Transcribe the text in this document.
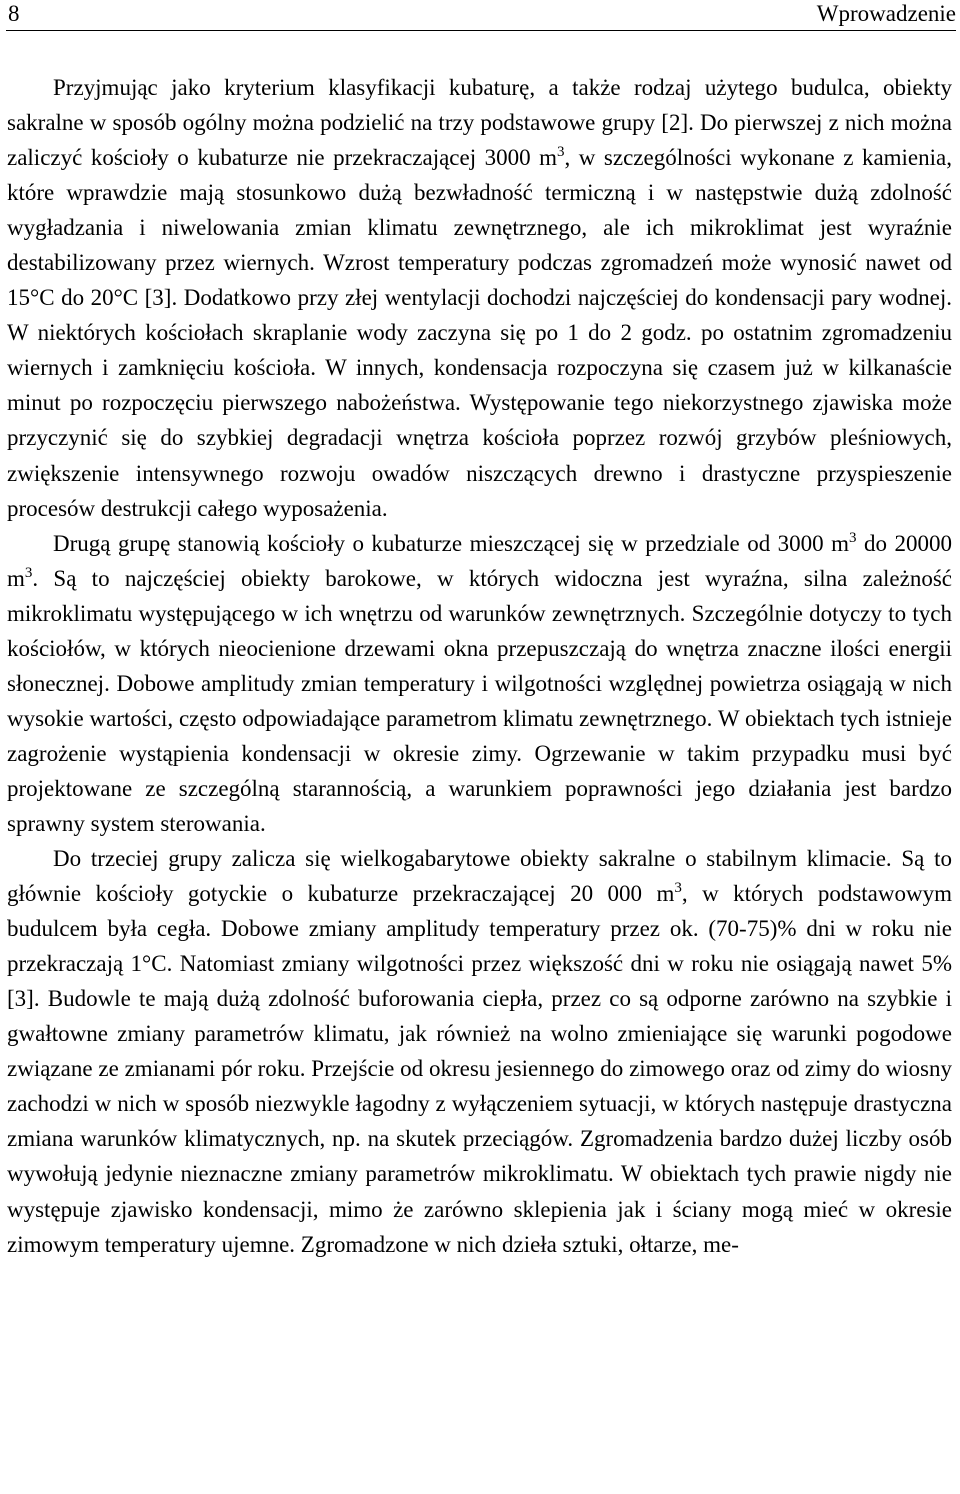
8	Wprowadzenie

Przyjmując jako kryterium klasyfikacji kubaturę, a także rodzaj użytego budulca, obiekty sakralne w sposób ogólny można podzielić na trzy podstawowe grupy [2]. Do pierwszej z nich można zaliczyć kościoły o kubaturze nie przekraczającej 3000 $m^3$, w szczególności wykonane z kamienia, które wprawdzie mają stosunkowo dużą bezwładność termiczną i w następstwie dużą zdolność wygładzania i niwelowania zmian klimatu zewnętrznego, ale ich mikroklimat jest wyraźnie destabilizowany przez wiernych. Wzrost temperatury podczas zgromadzeń może wynosić nawet od 15°C do 20°C [3]. Dodatkowo przy złej wentylacji dochodzi najczęściej do kondensacji pary wodnej. W niektórych kościołach skraplanie wody zaczyna się po 1 do 2 godz. po ostatnim zgromadzeniu wiernych i zamknięciu kościoła. W innych, kondensacja rozpoczyna się czasem już w kilkanaście minut po rozpoczęciu pierwszego nabożeństwa. Występowanie tego niekorzystnego zjawiska może przyczynić się do szybkiej degradacji wnętrza kościoła poprzez rozwój grzybów pleśniowych, zwiększenie intensywnego rozwoju owadów niszczących drewno i drastyczne przyspieszenie procesów destrukcji całego wyposażenia.

Drugą grupę stanowią kościoły o kubaturze mieszczącej się w przedziale od 3000 $m^3$ do 20000 $m^3$. Są to najczęściej obiekty barokowe, w których widoczna jest wyraźna, silna zależność mikroklimatu występującego w ich wnętrzu od warunków zewnętrznych. Szczególnie dotyczy to tych kościołów, w których nieocienione drzewami okna przepuszczają do wnętrza znaczne ilości energii słonecznej. Dobowe amplitudy zmian temperatury i wilgotności względnej powietrza osiągają w nich wysokie wartości, często odpowiadające parametrom klimatu zewnętrznego. W obiektach tych istnieje zagrożenie wystąpienia kondensacji w okresie zimy. Ogrzewanie w takim przypadku musi być projektowane ze szczególną starannością, a warunkiem poprawności jego działania jest bardzo sprawny system sterowania.

Do trzeciej grupy zalicza się wielkogabarytowe obiekty sakralne o stabilnym klimacie. Są to głównie kościoły gotyckie o kubaturze przekraczającej 20 000 $m^3$, w których podstawowym budulcem była cegła. Dobowe zmiany amplitudy temperatury przez ok. (70-75)% dni w roku nie przekraczają 1°C. Natomiast zmiany wilgotności przez większość dni w roku nie osiągają nawet 5% [3]. Budowle te mają dużą zdolność buforowania ciepła, przez co są odporne zarówno na szybkie i gwałtowne zmiany parametrów klimatu, jak również na wolno zmieniające się warunki pogodowe związane ze zmianami pór roku. Przejście od okresu jesiennego do zimowego oraz od zimy do wiosny zachodzi w nich w sposób niezwykle łagodny z wyłączeniem sytuacji, w których następuje drastyczna zmiana warunków klimatycznych, np. na skutek przeciągów. Zgromadzenia bardzo dużej liczby osób wywołują jedynie nieznaczne zmiany parametrów mikroklimatu. W obiektach tych prawie nigdy nie występuje zjawisko kondensacji, mimo że zarówno sklepienia jak i ściany mogą mieć w okresie zimowym temperatury ujemne. Zgromadzone w nich dzieła sztuki, ołtarze, me-
